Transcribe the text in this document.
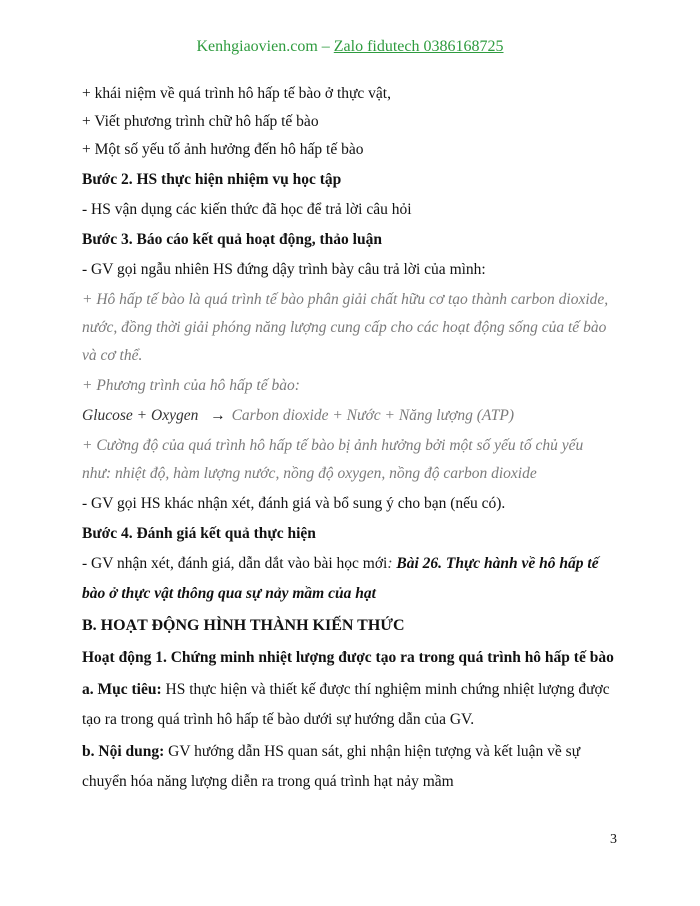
Kenhgiaovien.com – Zalo fidutech 0386168725

+ khái niệm về quá trình hô hấp tế bào ở thực vật,

+ Viết phương trình chữ hô hấp tế bào

+ Một số yếu tố ảnh hưởng đến hô hấp tế bào

Bước 2. HS thực hiện nhiệm vụ học tập

- HS vận dụng các kiến thức đã học để trả lời câu hỏi

Bước 3. Báo cáo kết quả hoạt động, thảo luận

- GV gọi ngẫu nhiên HS đứng dậy trình bày câu trả lời của mình:

+ Hô hấp tế bào là quá trình tế bào phân giải chất hữu cơ tạo thành carbon dioxide,

nước, đồng thời giải phóng năng lượng cung cấp cho các hoạt động sống của tế bào

và cơ thể.

+ Phương trình của hô hấp tế bào:

Glucose + Oxygen → Carbon dioxide + Nước + Năng lượng (ATP)

+ Cường độ của quá trình hô hấp tế bào bị ảnh hưởng bởi một số yếu tố chủ yếu

như: nhiệt độ, hàm lượng nước, nồng độ oxygen, nồng độ carbon dioxide

- GV gọi HS khác nhận xét, đánh giá và bổ sung ý cho bạn (nếu có).

Bước 4. Đánh giá kết quả thực hiện

- GV nhận xét, đánh giá, dẫn dắt vào bài học mới: Bài 26. Thực hành về hô hấp tế

bào ở thực vật thông qua sự nảy mầm của hạt

B. HOẠT ĐỘNG HÌNH THÀNH KIẾN THỨC

Hoạt động 1. Chứng minh nhiệt lượng được tạo ra trong quá trình hô hấp tế bào

a. Mục tiêu: HS thực hiện và thiết kế được thí nghiệm minh chứng nhiệt lượng được

tạo ra trong quá trình hô hấp tế bào dưới sự hướng dẫn của GV.

b. Nội dung: GV hướng dẫn HS quan sát, ghi nhận hiện tượng và kết luận về sự

chuyển hóa năng lượng diễn ra trong quá trình hạt nảy mầm

3
